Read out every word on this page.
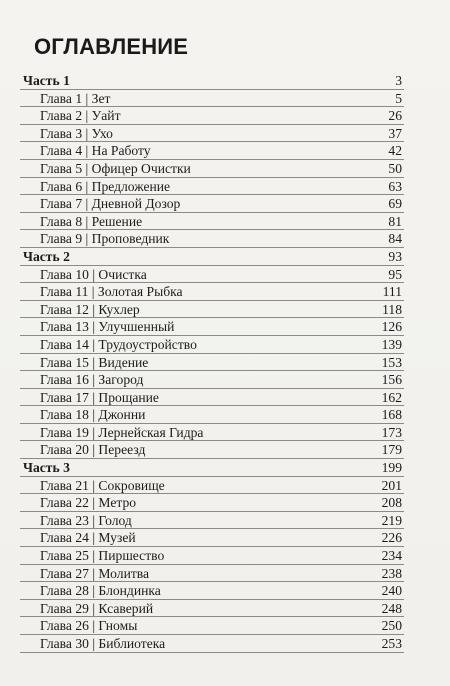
ОГЛАВЛЕНИЕ
Часть 1	3
Глава 1 | Зет	5
Глава 2 | Уайт	26
Глава 3 | Ухо	37
Глава 4 | На Работу	42
Глава 5 | Офицер Очистки	50
Глава 6 | Предложение	63
Глава 7 | Дневной Дозор	69
Глава 8 | Решение	81
Глава 9 | Проповедник	84
Часть 2	93
Глава 10 | Очистка	95
Глава 11 | Золотая Рыбка	111
Глава 12 | Кухлер	118
Глава 13 | Улучшенный	126
Глава 14 | Трудоустройство	139
Глава 15 | Видение	153
Глава 16 | Загород	156
Глава 17 | Прощание	162
Глава 18 | Джонни	168
Глава 19 | Лернейская Гидра	173
Глава 20 | Переезд	179
Часть 3	199
Глава 21 | Сокровище	201
Глава 22 | Метро	208
Глава 23 | Голод	219
Глава 24 | Музей	226
Глава 25 | Пиршество	234
Глава 27 | Молитва	238
Глава 28 | Блондинка	240
Глава 29 | Ксаверий	248
Глава 26 | Гномы	250
Глава 30 | Библиотека	253
